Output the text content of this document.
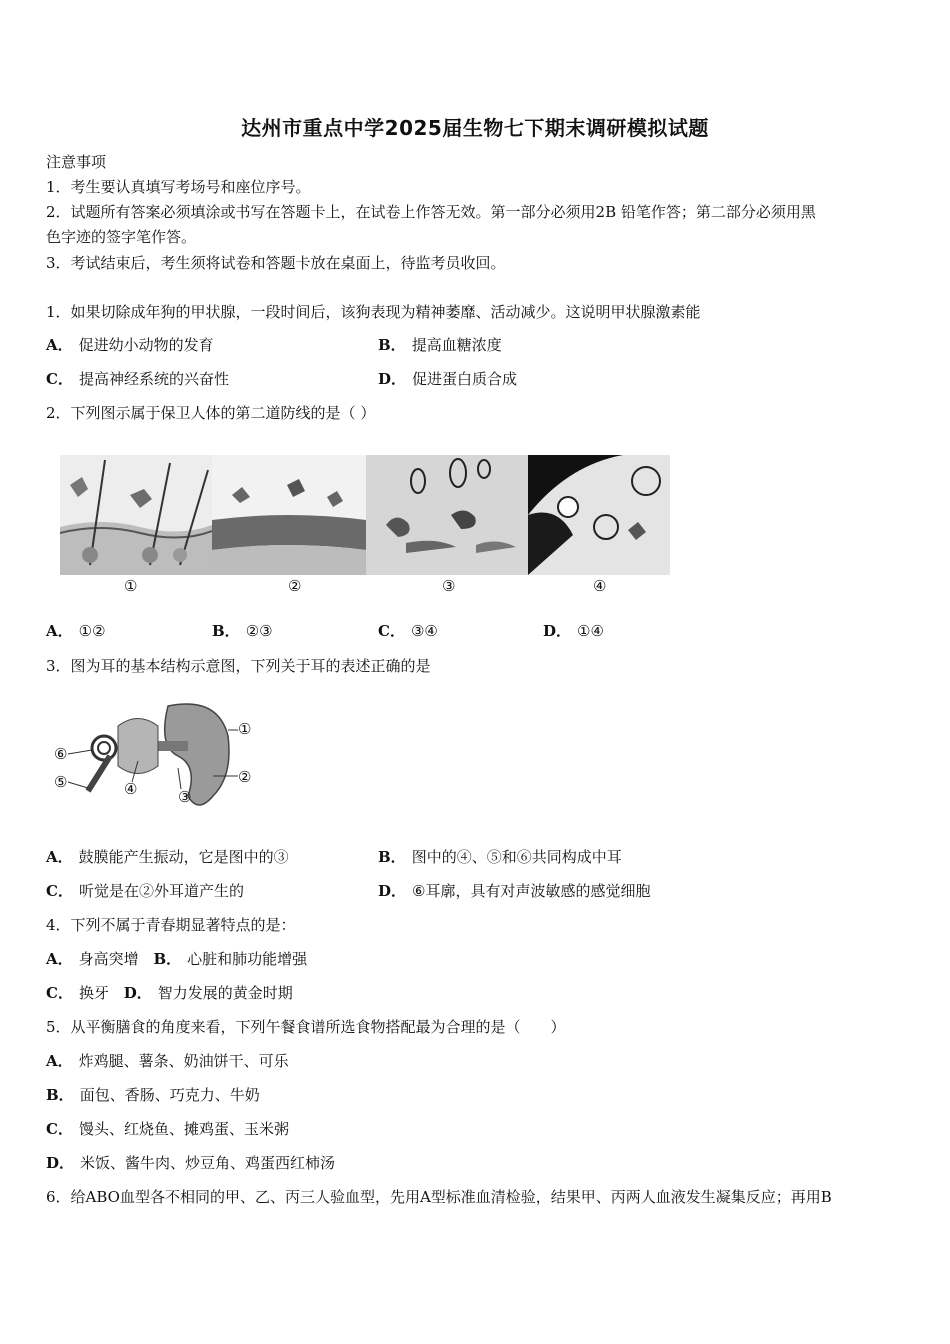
达州市重点中学2025届生物七下期末调研模拟试题
注意事项
1．考生要认真填写考场号和座位序号。
2．试题所有答案必须填涂或书写在答题卡上，在试卷上作答无效。第一部分必须用2B 铅笔作答；第二部分必须用黑
色字迹的签字笔作答。
3．考试结束后，考生须将试卷和答题卡放在桌面上，待监考员收回。
1．如果切除成年狗的甲状腺，一段时间后，该狗表现为精神萎靡、活动减少。这说明甲状腺激素能
A． 促进幼小动物的发育	B． 提高血糖浓度
C． 提高神经系统的兴奋性	D． 促进蛋白质合成
2．下列图示属于保卫人体的第二道防线的是（ ）
①	②	③	④
A． ①②	B． ②③	C． ③④	D． ①④
3．图为耳的基本结构示意图，下列关于耳的表述正确的是
①
②
③
④
⑤
⑥
A． 鼓膜能产生振动，它是图中的③	B． 图中的④、⑤和⑥共同构成中耳
C． 听觉是在②外耳道产生的	D． ⑥耳廓，具有对声波敏感的感觉细胞
4．下列不属于青春期显著特点的是：
A． 身高突增 B． 心脏和肺功能增强
C． 换牙 D． 智力发展的黄金时期
5．从平衡膳食的角度来看，下列午餐食谱所选食物搭配最为合理的是（　　）
A． 炸鸡腿、薯条、奶油饼干、可乐
B． 面包、香肠、巧克力、牛奶
C． 馒头、红烧鱼、摊鸡蛋、玉米粥
D． 米饭、酱牛肉、炒豆角、鸡蛋西红柿汤
6．给ABO血型各不相同的甲、乙、丙三人验血型，先用A型标准血清检验，结果甲、丙两人血液发生凝集反应；再用B
